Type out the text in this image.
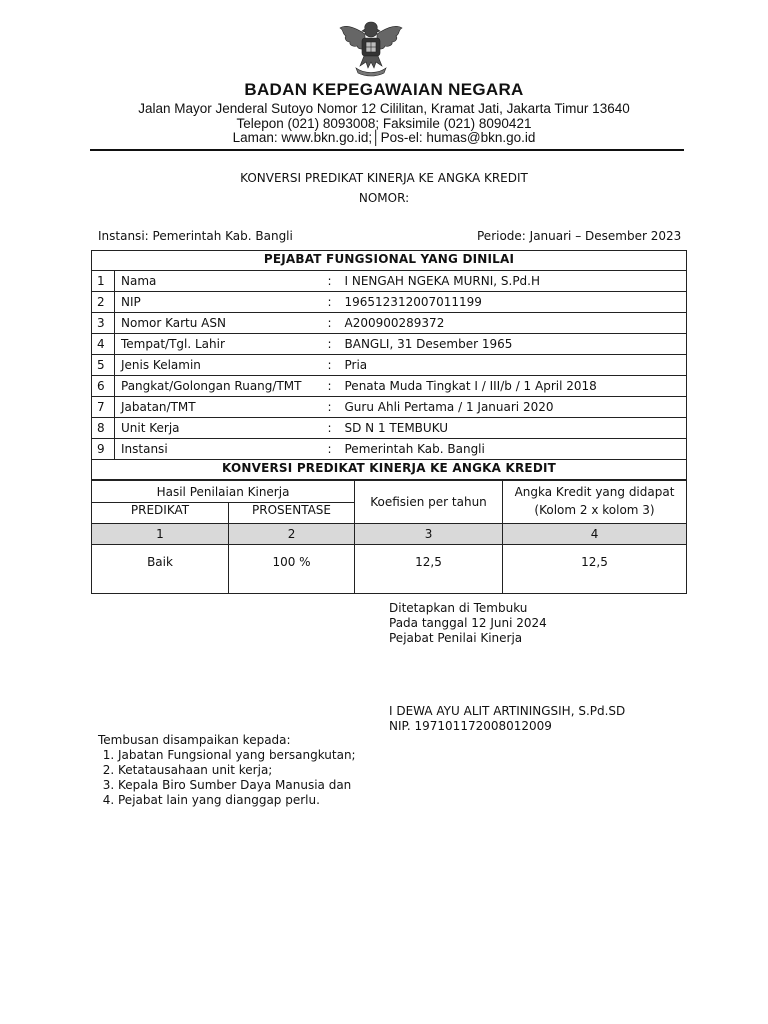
BADAN KEPEGAWAIAN NEGARA
Jalan Mayor Jenderal Sutoyo Nomor 12 Cililitan, Kramat Jati, Jakarta Timur 13640
Telepon (021) 8093008; Faksimile (021) 8090421
Laman: www.bkn.go.id;│Pos-el: humas@bkn.go.id
KONVERSI PREDIKAT KINERJA KE ANGKA KREDIT
NOMOR:
Instansi: Pemerintah Kab. Bangli	Periode: Januari – Desember 2023
PEJABAT FUNGSIONAL YANG DINILAI			
1	Nama	:	I NENGAH NGEKA MURNI, S.Pd.H
2	NIP	:	196512312007011199
3	Nomor Kartu ASN	:	A200900289372
4	Tempat/Tgl. Lahir	:	BANGLI, 31 Desember 1965
5	Jenis Kelamin	:	Pria
6	Pangkat/Golongan Ruang/TMT	:	Penata Muda Tingkat I / III/b / 1 April 2018
7	Jabatan/TMT	:	Guru Ahli Pertama / 1 Januari 2020
8	Unit Kerja	:	SD N 1 TEMBUKU
9	Instansi	:	Pemerintah Kab. Bangli
KONVERSI PREDIKAT KINERJA KE ANGKA KREDIT			
Hasil Penilaian Kinerja		Koefisien per tahun	Angka Kredit yang didapat
PREDIKAT	PROSENTASE		(Kolom 2 x kolom 3)
1	2	3	4
Baik	100 %	12,5	12,5
Ditetapkan di Tembuku
Pada tanggal 12 Juni 2024
Pejabat Penilai Kinerja
I DEWA AYU ALIT ARTININGSIH, S.Pd.SD
NIP. 197101172008012009
Tembusan disampaikan kepada:
1. Jabatan Fungsional yang bersangkutan;
2. Ketatausahaan unit kerja;
3. Kepala Biro Sumber Daya Manusia dan
4. Pejabat lain yang dianggap perlu.
